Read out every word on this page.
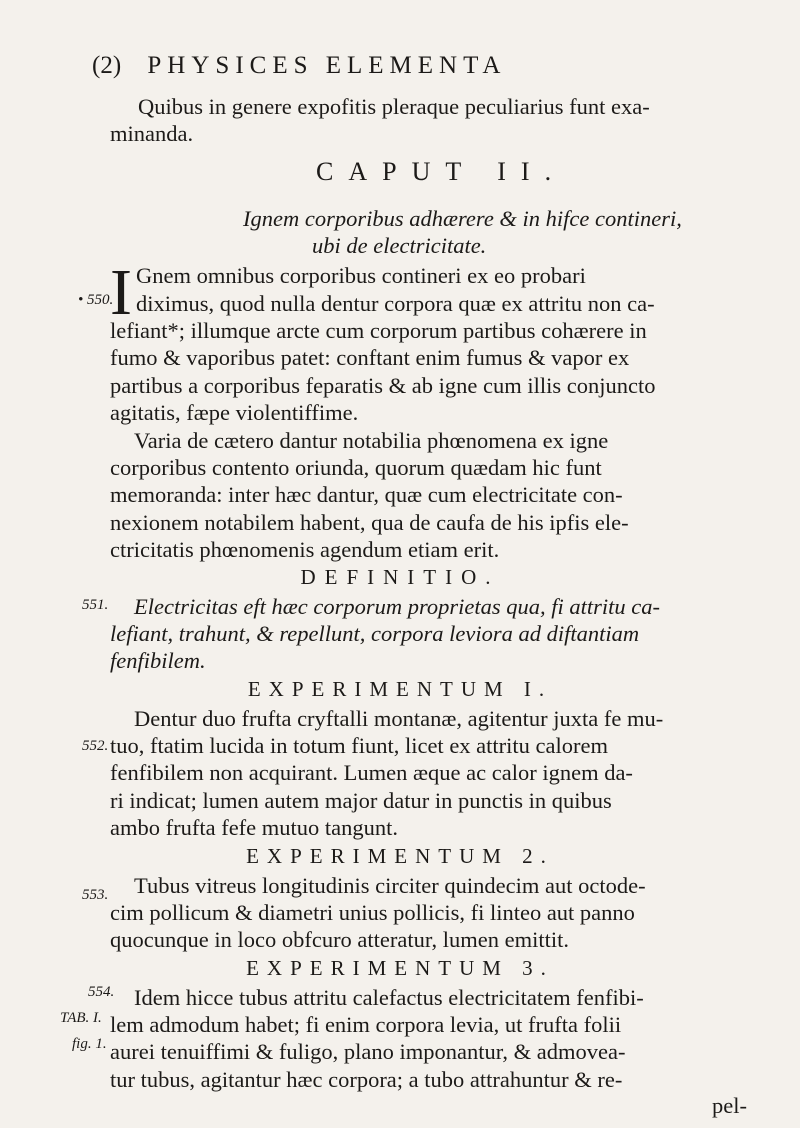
(2) PHYSICES ELEMENTA
Quibus in genere expofitis pleraque peculiarius funt exa-
minanda.
CAPUT II.
Ignem corporibus adhærere & in hifce contineri,
ubi de electricitate.
• 550.
I Gnem omnibus corporibus contineri ex eo probari
diximus, quod nulla dentur corpora quæ ex attritu non ca-
lefiant*; illumque arcte cum corporum partibus cohærere in
fumo & vaporibus patet: conftant enim fumus & vapor ex
partibus a corporibus feparatis & ab igne cum illis conjuncto
agitatis, fæpe violentiffime.
Varia de cætero dantur notabilia phœnomena ex igne
corporibus contento oriunda, quorum quædam hic funt
memoranda: inter hæc dantur, quæ cum electricitate con-
nexionem notabilem habent, qua de caufa de his ipfis ele-
ctricitatis phœnomenis agendum etiam erit.
DEFINITIO.
551. Electricitas eft hæc corporum proprietas qua, fi attritu ca-
lefiant, trahunt, & repellunt, corpora leviora ad diftantiam
fenfibilem.
EXPERIMENTUM I.
552.
Dentur duo frufta cryftalli montanæ, agitentur juxta fe mu-
tuo, ftatim lucida in totum fiunt, licet ex attritu calorem
fenfibilem non acquirant. Lumen æque ac calor ignem da-
ri indicat; lumen autem major datur in punctis in quibus
ambo frufta fefe mutuo tangunt.
EXPERIMENTUM 2.
553. Tubus vitreus longitudinis circiter quindecim aut octode-
cim pollicum & diametri unius pollicis, fi linteo aut panno
quocunque in loco obfcuro atteratur, lumen emittit.
EXPERIMENTUM 3.
554.
TAB. I.
fig. 1.
Idem hicce tubus attritu calefactus electricitatem fenfibi-
lem admodum habet; fi enim corpora levia, ut frufta folii
aurei tenuiffimi & fuligo, plano imponantur, & admovea-
tur tubus, agitantur hæc corpora; a tubo attrahuntur & re-
pel-
